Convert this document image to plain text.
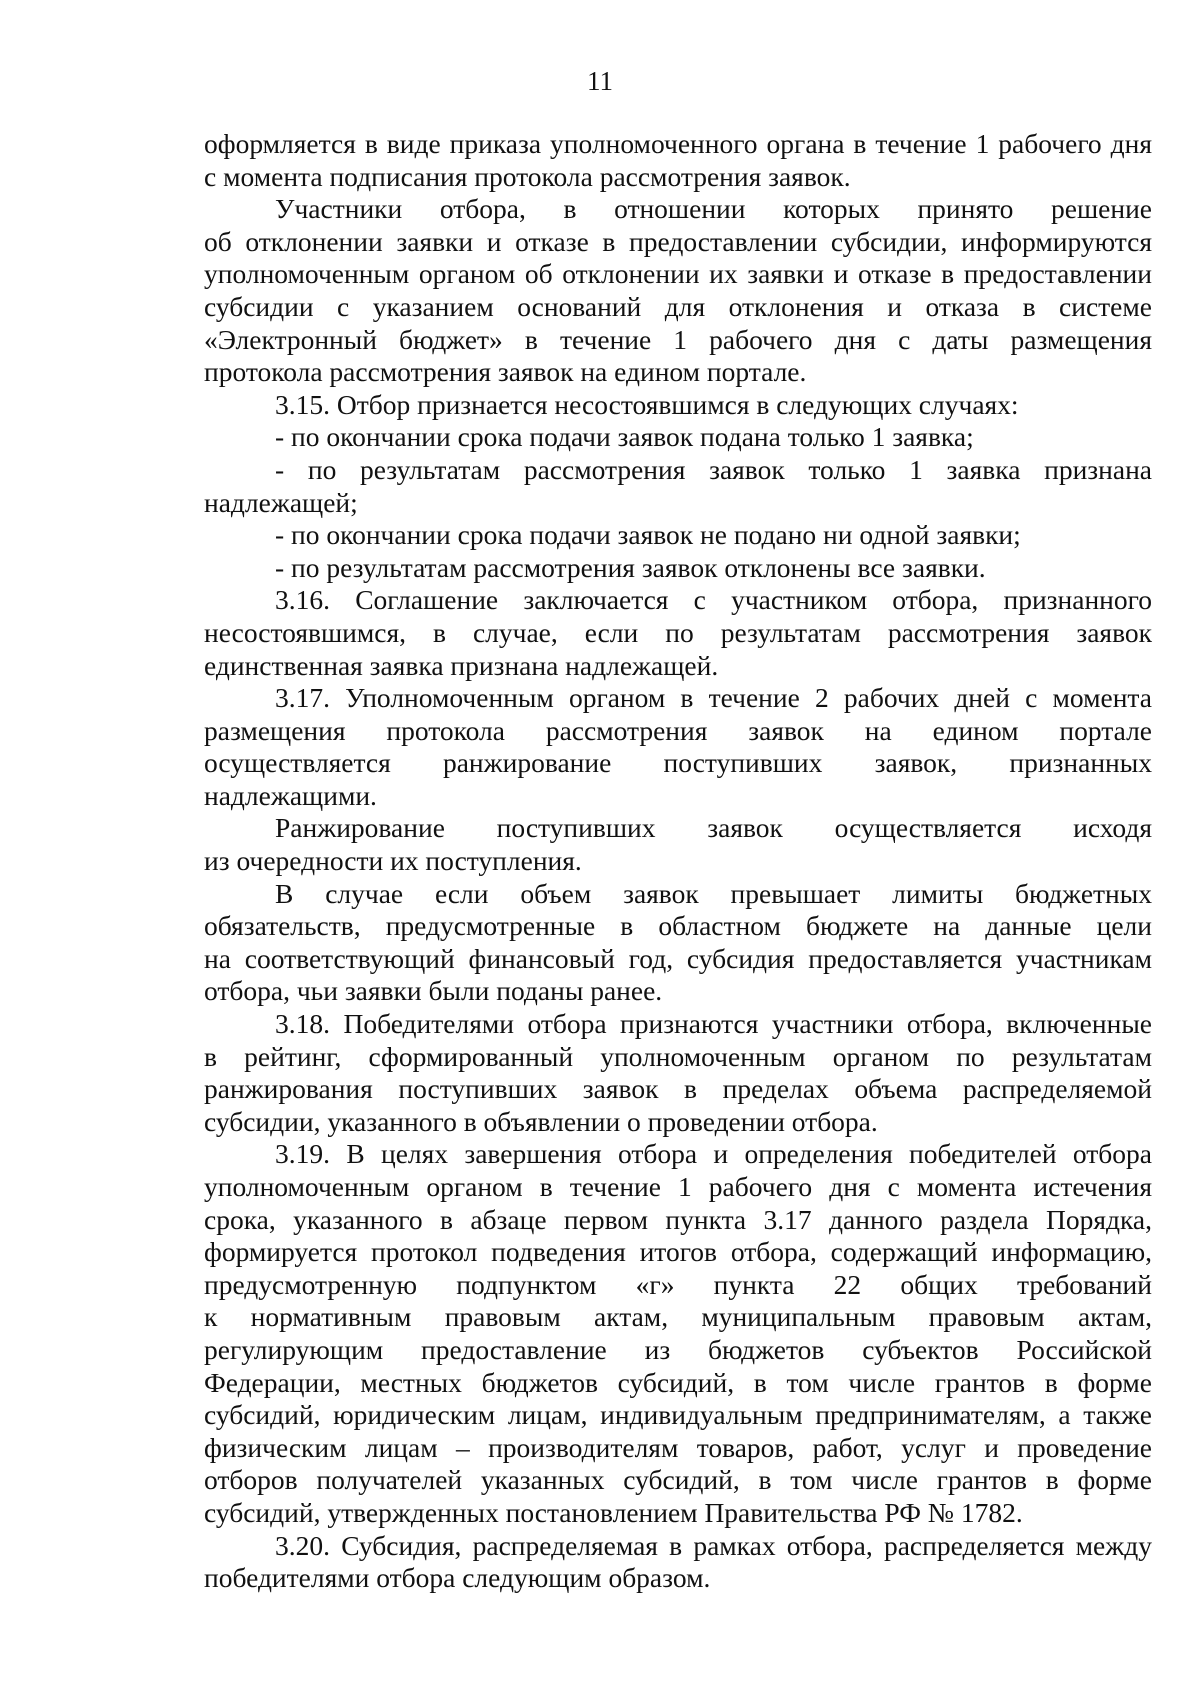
11
оформляется в виде приказа уполномоченного органа в течение 1 рабочего дня
с момента подписания протокола рассмотрения заявок.
Участники отбора, в отношении которых принято решение
об отклонении заявки и отказе в предоставлении субсидии, информируются
уполномоченным органом об отклонении их заявки и отказе в предоставлении
субсидии с указанием оснований для отклонения и отказа в системе
«Электронный бюджет» в течение 1 рабочего дня с даты размещения
протокола рассмотрения заявок на едином портале.
3.15. Отбор признается несостоявшимся в следующих случаях:
- по окончании срока подачи заявок подана только 1 заявка;
- по результатам рассмотрения заявок только 1 заявка признана
надлежащей;
- по окончании срока подачи заявок не подано ни одной заявки;
- по результатам рассмотрения заявок отклонены все заявки.
3.16. Соглашение заключается с участником отбора, признанного
несостоявшимся, в случае, если по результатам рассмотрения заявок
единственная заявка признана надлежащей.
3.17. Уполномоченным органом в течение 2 рабочих дней с момента
размещения протокола рассмотрения заявок на едином портале
осуществляется ранжирование поступивших заявок, признанных
надлежащими.
Ранжирование поступивших заявок осуществляется исходя
из очередности их поступления.
В случае если объем заявок превышает лимиты бюджетных
обязательств, предусмотренные в областном бюджете на данные цели
на соответствующий финансовый год, субсидия предоставляется участникам
отбора, чьи заявки были поданы ранее.
3.18. Победителями отбора признаются участники отбора, включенные
в рейтинг, сформированный уполномоченным органом по результатам
ранжирования поступивших заявок в пределах объема распределяемой
субсидии, указанного в объявлении о проведении отбора.
3.19. В целях завершения отбора и определения победителей отбора
уполномоченным органом в течение 1 рабочего дня с момента истечения
срока, указанного в абзаце первом пункта 3.17 данного раздела Порядка,
формируется протокол подведения итогов отбора, содержащий информацию,
предусмотренную подпунктом «г» пункта 22 общих требований
к нормативным правовым актам, муниципальным правовым актам,
регулирующим предоставление из бюджетов субъектов Российской
Федерации, местных бюджетов субсидий, в том числе грантов в форме
субсидий, юридическим лицам, индивидуальным предпринимателям, а также
физическим лицам – производителям товаров, работ, услуг и проведение
отборов получателей указанных субсидий, в том числе грантов в форме
субсидий, утвержденных постановлением Правительства РФ № 1782.
3.20. Субсидия, распределяемая в рамках отбора, распределяется между
победителями отбора следующим образом.
